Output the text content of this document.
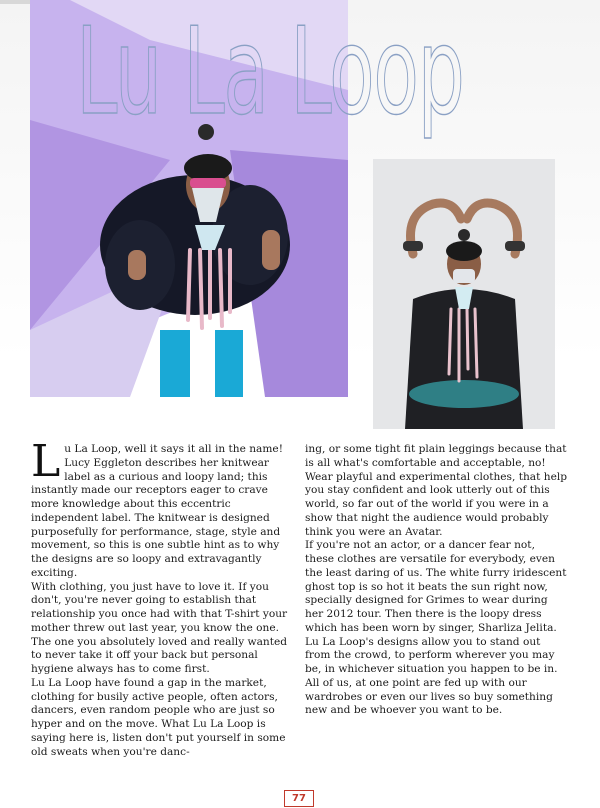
Lu La Loop

Lu La Loop, well it says it all in the name! Lucy Eggleton describes her knitwear label as a curious and loopy land; this instantly made our receptors eager to crave more knowledge about this eccentric independent label. The knitwear is designed purposefully for performance, stage, style and movement, so this is one subtle hint as to why the designs are so loopy and extravagantly exciting.

With clothing, you just have to love it. If you don't, you're never going to establish that relationship you once had with that T-shirt your mother threw out last year, you know the one. The one you absolutely loved and really wanted to never take it off your back but personal hygiene always has to come first.

Lu La Loop have found a gap in the market, clothing for busily active people, often actors, dancers, even random people who are just so hyper and on the move. What Lu La Loop is saying here is, listen don't put yourself in some old sweats when you're danc-

ing, or some tight fit plain leggings because that is all what's comfortable and acceptable, no! Wear playful and experimental clothes, that help you stay confident and look utterly out of this world, so far out of the world if you were in a show that night the audience would probably think you were an Avatar.

If you're not an actor, or a dancer fear not, these clothes are versatile for everybody, even the least daring of us. The white furry iridescent ghost top is so hot it beats the sun right now, specially designed for Grimes to wear during her 2012 tour. Then there is the loopy dress which has been worn by singer, Sharliza Jelita.

Lu La Loop's designs allow you to stand out from the crowd, to perform wherever you may be, in whichever situation you happen to be in. All of us, at one point are fed up with our wardrobes or even our lives so buy something new and be whoever you want to be.

77
